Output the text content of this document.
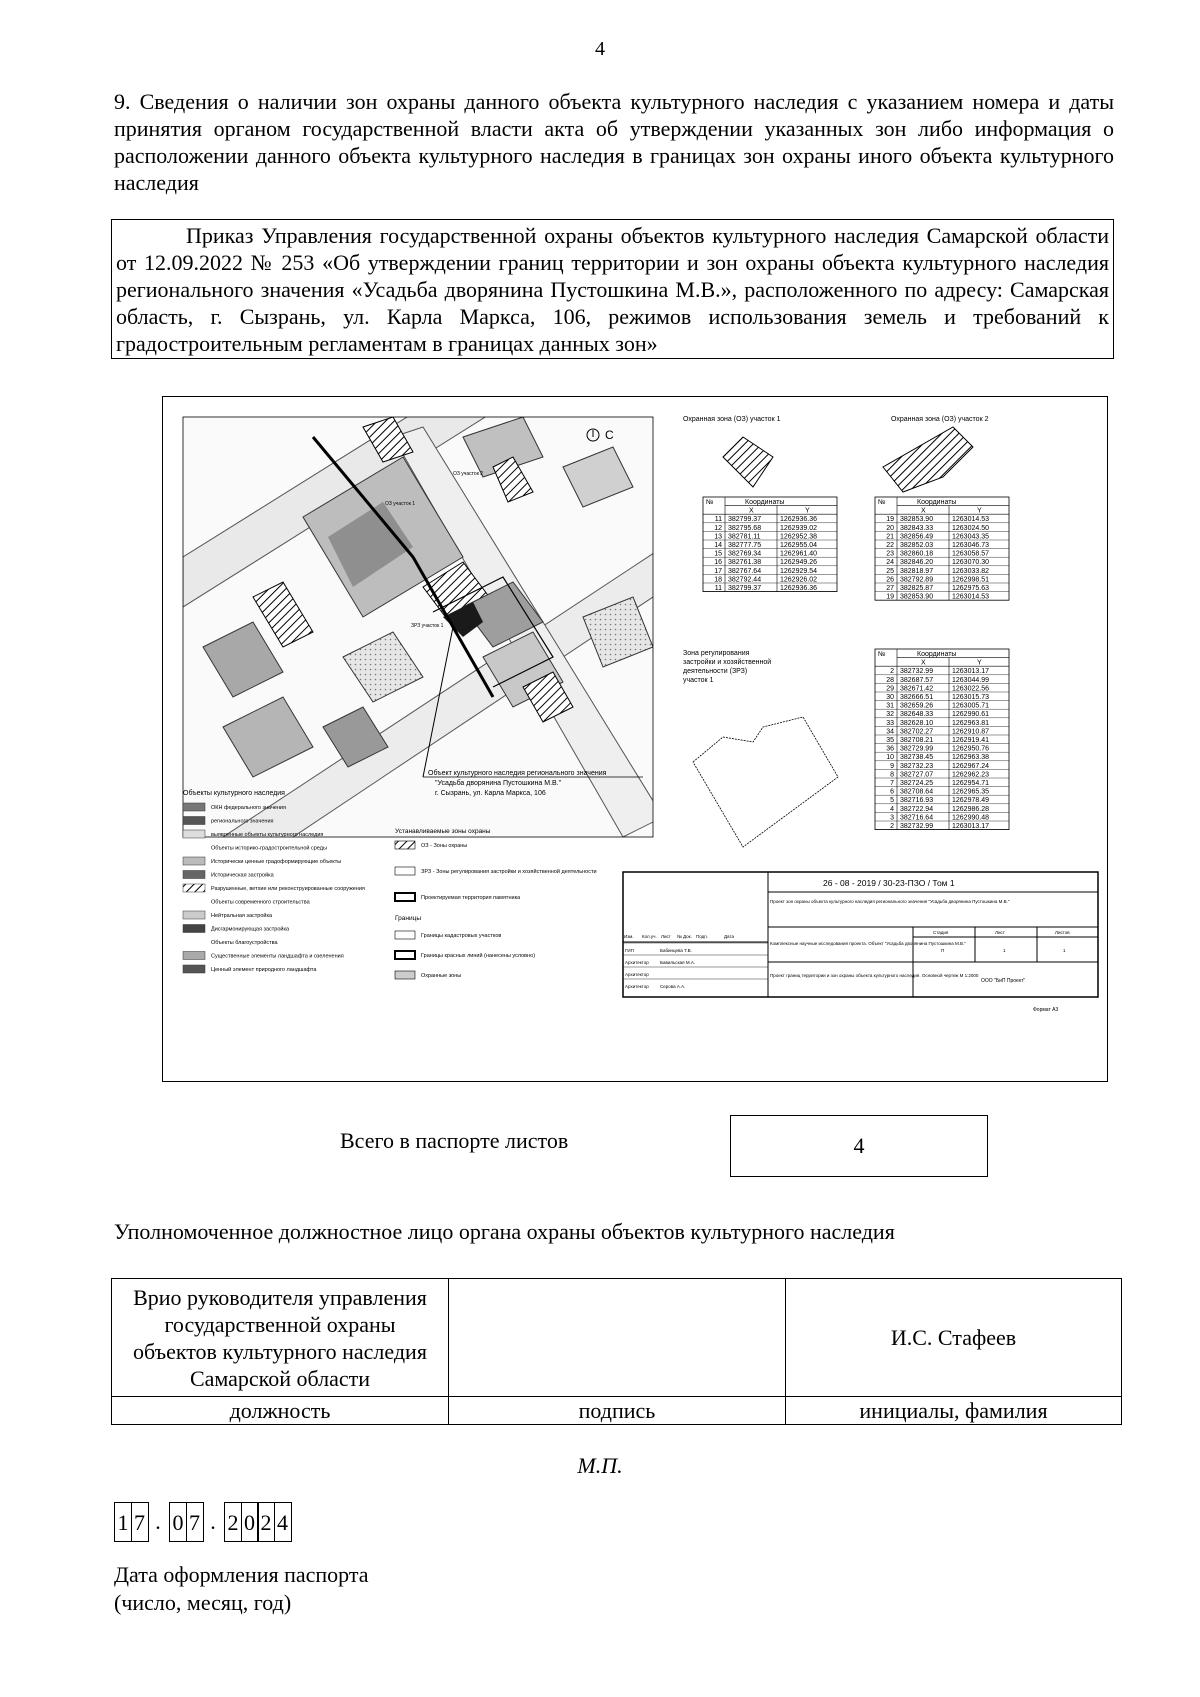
4
9. Сведения о наличии зон охраны данного объекта культурного наследия с указанием номера и даты принятия органом государственной власти акта об утверждении указанных зон либо информация о расположении данного объекта культурного наследия в границах зон охраны иного объекта культурного наследия
Приказ Управления государственной охраны объектов культурного наследия Самарской области от 12.09.2022 № 253 «Об утверждении границ территории и зон охраны объекта культурного наследия регионального значения «Усадьба дворянина Пустошкина М.В.», расположенного по адресу: Самарская область, г. Сызрань, ул. Карла Маркса, 106, режимов использования земель и требований к градостроительным регламентам в границах данных зон»
С
ОЗ участок 1
ОЗ участок 2
ЗРЗ участок 1
Объект культурного наследия регионального значения
"Усадьба дворянина Пустошкина М.В."
г. Сызрань, ул. Карла Маркса, 106
Охранная зона (ОЗ) участок 1	Охранная зона (ОЗ) участок 2
№	Координаты
X	Y
11 382799.37	1262936.36
12 382795.68	1262939.02
13 382781.11	1262952.38
14 382777.75	1262955.04
15 382769.34	1262961.40
16 382761.38	1262949.26
17 382767.64	1262929.54
18 382792.44	1262926.02
11 382799.37	1262936.36
№	Координаты
X	Y
19 382853.90	1263014.53
20 382843.33	1263024.50
21 382856.49	1263043.35
22 382852.03	1263046.73
23 382860.18	1263058.57
24 382846.20	1263070.30
25 382818.97	1263033.82
26 382792.89	1262998.51
27 382825.87	1262975.63
19 382853.90	1263014.53
№	Координаты
X	Y
2 382732.99	1263013.17
28 382687.57	1263044.99
29 382671.42	1263022.56
30 382666.51	1263015.73
31 382659.26	1263005.71
32 382648.33	1262990.61
33 382628.10	1262963.81
34 382702.27	1262910.87
35 382708.21	1262919.41
36 382729.99	1262950.76
10 382738.45	1262963.38
9 382732.23	1262967.24
8 382727.07	1262962.23
7 382724.25	1262954.71
6 382708.64	1262965.35
5 382716.93	1262978.49
4 382722.94	1262986.28
3 382716.64	1262990.48
2 382732.99	1263013.17
Зона регулирования
застройки и хозяйственной
деятельности (ЗРЗ)
участок 1
Объекты культурного наследия
ОКН федерального значения
регионального значения
выявленные объекты культурного наследия
Объекты историко-градостроительной среды
Исторически ценные градоформирующие объекты
Историческая застройка
Разрушенные, ветхие или реконструированные сооружения
Объекты современного строительства
Нейтральная застройка
Дисгармонирующая застройка
Объекты благоустройства
Существенные элементы ландшафта и озеленения
Ценный элемент природного ландшафта
Устанавливаемые зоны охраны
ОЗ - Зоны охраны
ЗРЗ - Зоны регулирования застройки и хозяйственной деятельности
Проектируемая территория памятника
Границы
Границы кадастровых участков
Границы красных линий (нанесены условно)
Охранные зоны
26 - 08 - 2019 / 30-23-ПЗО / Том 1
Проект зон охраны объекта культурного наследия регионального значения "Усадьба дворянина Пустошкина М.В."
Комплексные научные исследования проекта. Объект "Усадьба дворянина Пустошкина М.В."
Проект границ территории и зон охраны объекта культурного наследия. Основной чертеж М 1:2000
ООО "БиП Проект"
Изм. Кол.уч. Лист № Док. Подп.	Дата
ГИП	Бабинцева Т.В.
Архитектор Бавильская М.А.
Архитектор
Архитектор Серова А.А.
Стадия
П
Лист
1
Листов
1
Формат А3
Всего в паспорте листов	4
Уполномоченное должностное лицо органа охраны объектов культурного наследия
Врио руководителя управления
государственной охраны
объектов культурного наследия
Самарской области		И.С. Стафеев
должность	подпись	инициалы, фамилия
М.П.
1 7 . 0 7 . 2 0 2 4
Дата оформления паспорта
(число, месяц, год)
